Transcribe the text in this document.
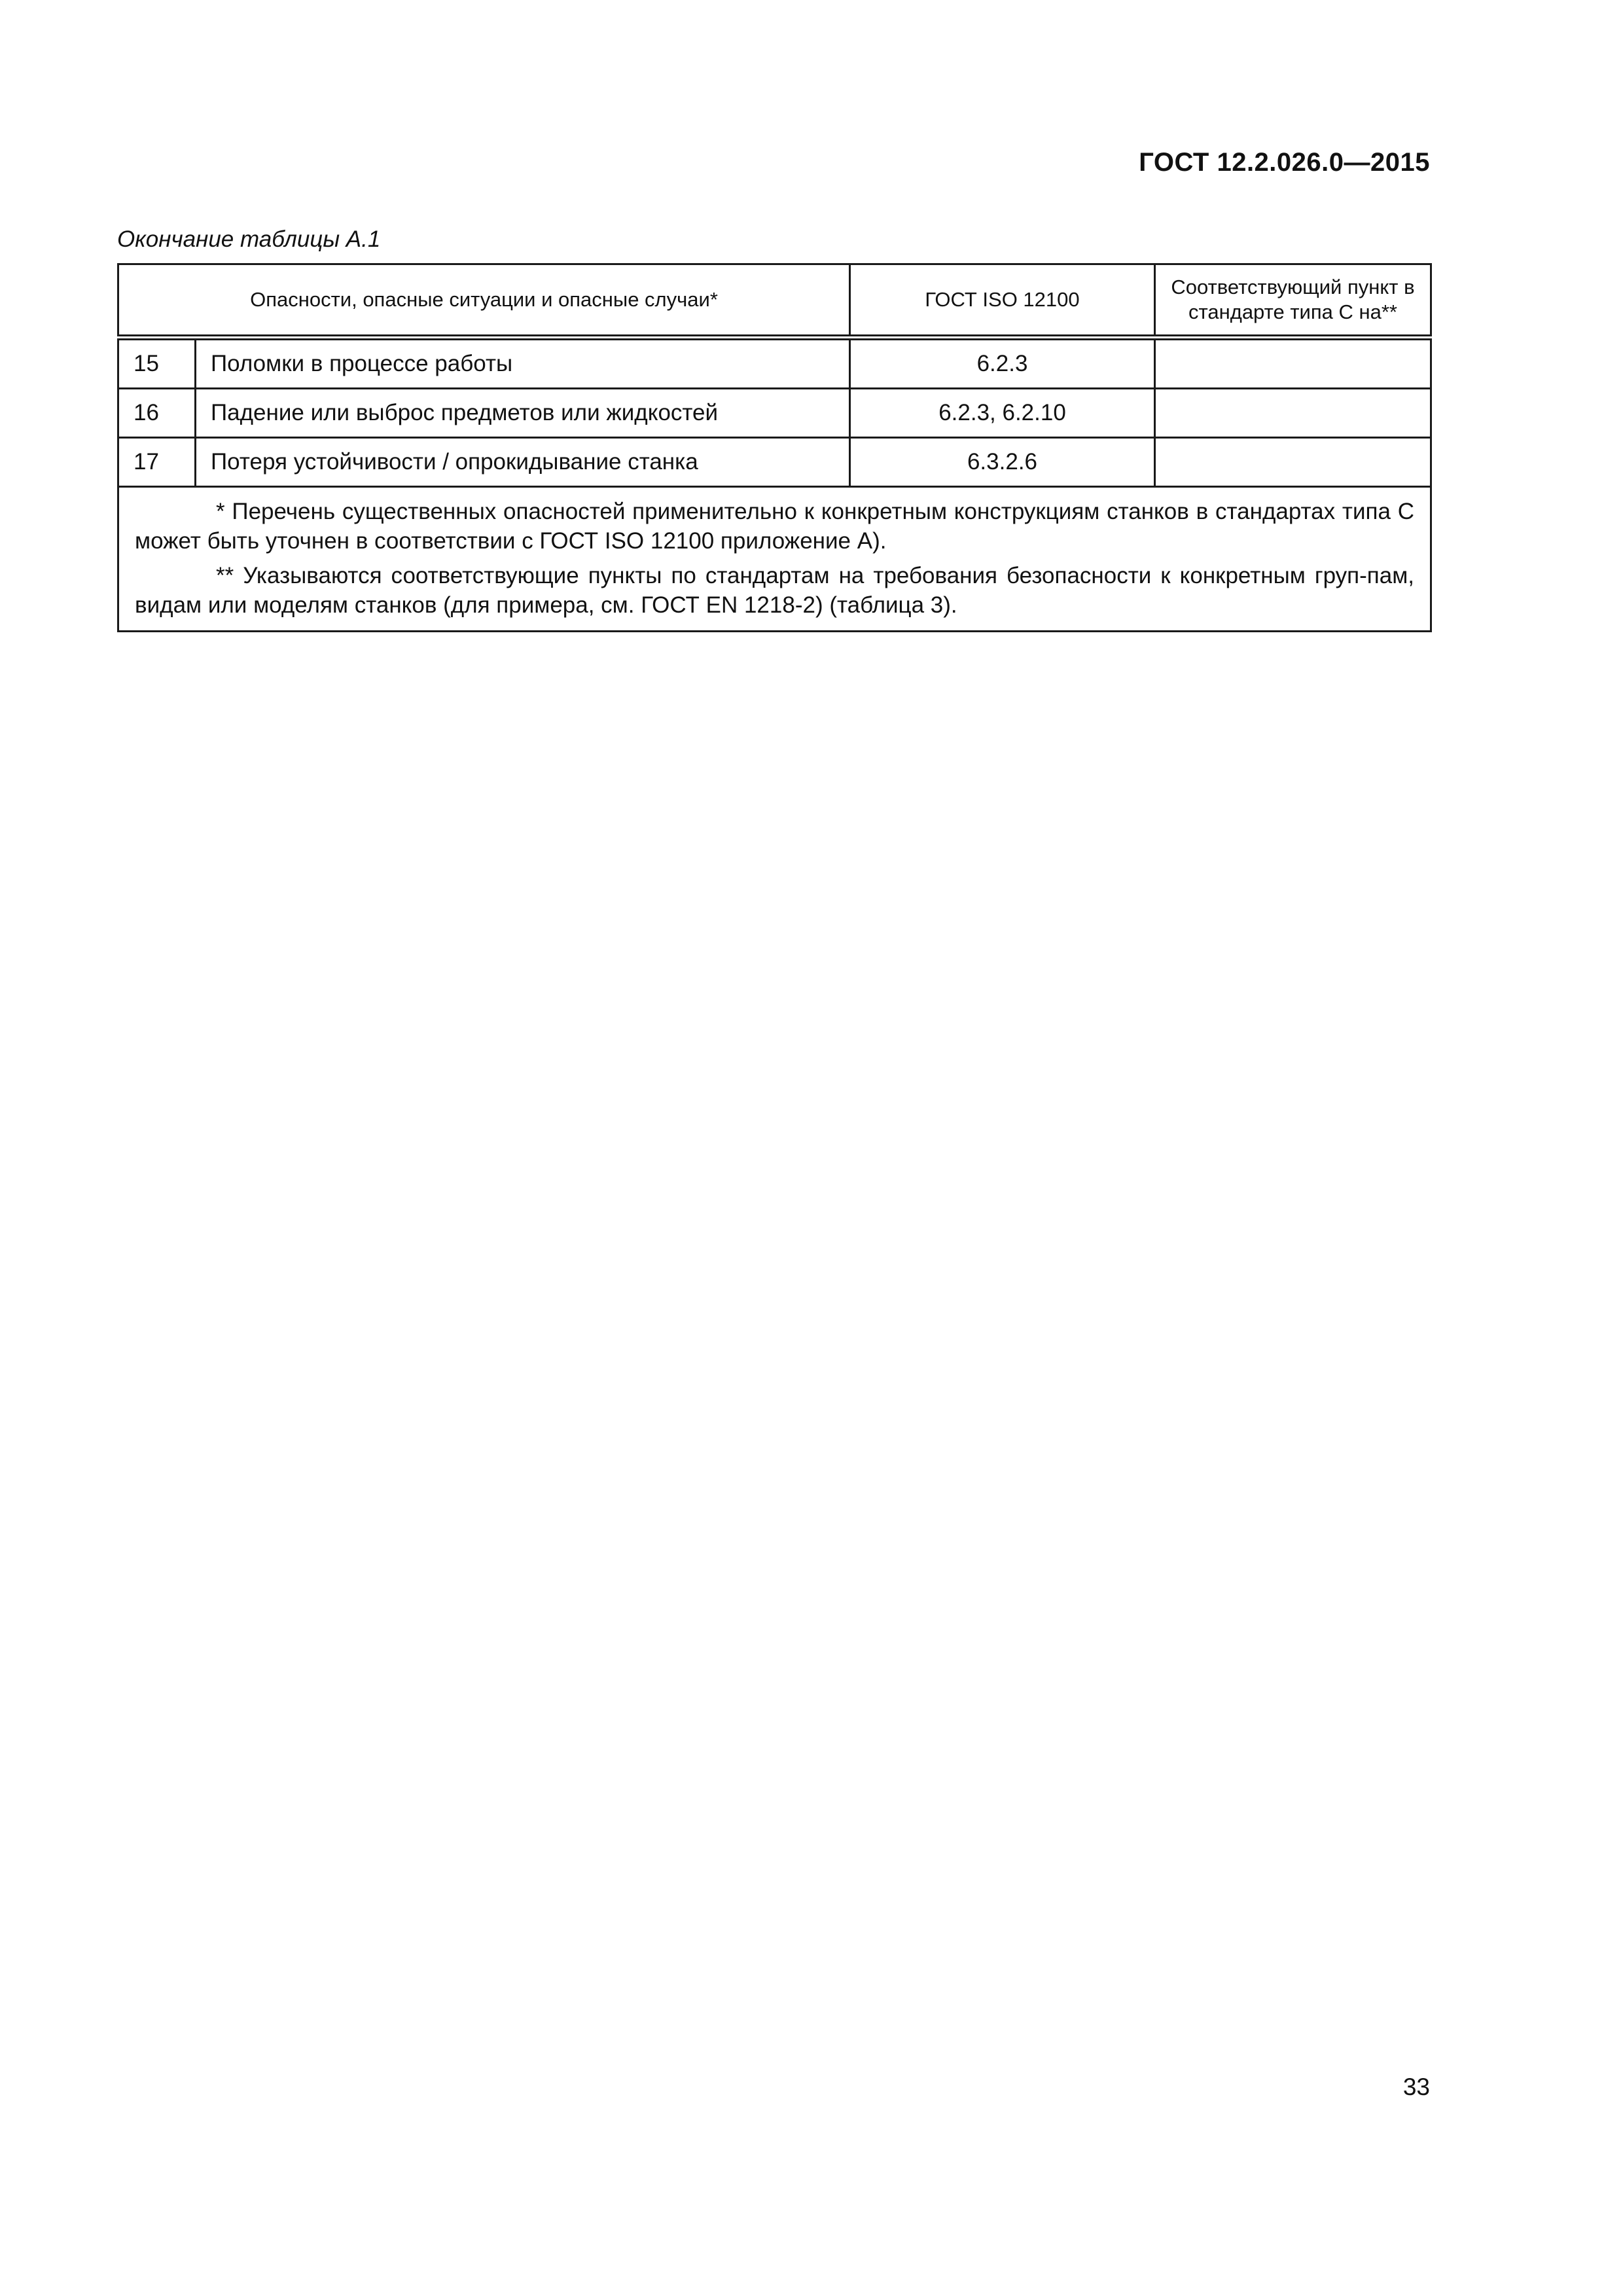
ГОСТ 12.2.026.0—2015
Окончание таблицы А.1
Опасности, опасные ситуации и опасные случаи*		ГОСТ ISO 12100	Соответствующий пункт в стандарте типа С на**
15	Поломки в процессе работы	6.2.3	
16	Падение или выброс предметов или жидкостей	6.2.3, 6.2.10	
17	Потеря устойчивости / опрокидывание станка	6.3.2.6	

* Перечень существенных опасностей применительно к конкретным конструкциям станков в стандартах типа С может быть уточнен в соответствии с ГОСТ ISO 12100 приложение А).

** Указываются соответствующие пункты по стандартам на требования безопасности к конкретным груп-пам, видам или моделям станков (для примера, см. ГОСТ EN 1218-2) (таблица 3).			

33
